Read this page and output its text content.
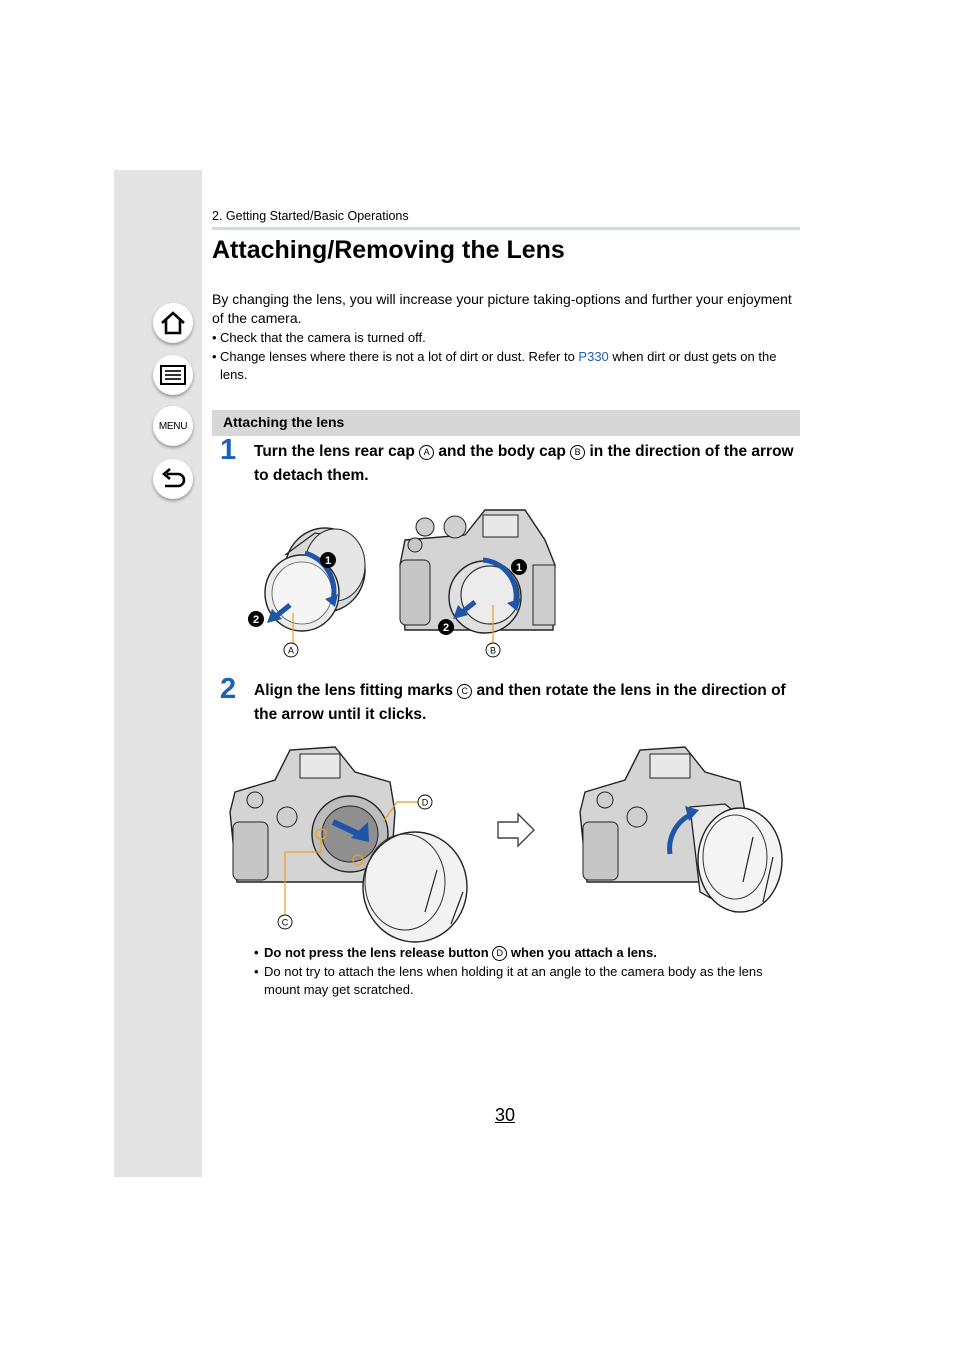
MENU
2. Getting Started/Basic Operations
Attaching/Removing the Lens
By changing the lens, you will increase your picture taking-options and further your enjoyment of the camera.
• Check that the camera is turned off.
• Change lenses where there is not a lot of dirt or dust. Refer to P330 when dirt or dust gets on the lens.
Attaching the lens
1 Turn the lens rear cap A and the body cap B in the direction of the arrow to detach them.
1
2
A
1
2
B
2 Align the lens fitting marks C and then rotate the lens in the direction of the arrow until it clicks.
C
D
• Do not press the lens release button D when you attach a lens.
• Do not try to attach the lens when holding it at an angle to the camera body as the lens mount may get scratched.
30
